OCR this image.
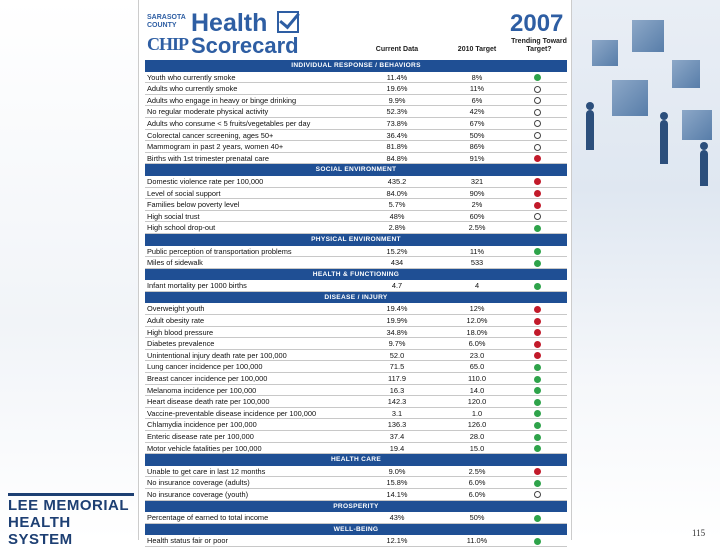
LEE MEMORIAL
HEALTH SYSTEM	115
SARASOTA
COUNTY
CHIP
Health
Scorecard
2007
Current Data	2010 Target
Trending Toward Target?
INDIVIDUAL RESPONSE / BEHAVIORS
Youth who currently smoke	11.4%	8%
Adults who currently smoke	19.6%	11%
Adults who engage in heavy or binge drinking	9.9%	6%
No regular moderate physical activity	52.3%	42%
Adults who consume < 5 fruits/vegetables per day	73.8%	67%
Colorectal cancer screening, ages 50+	36.4%	50%
Mammogram in past 2 years, women 40+	81.8%	86%
Births with 1st trimester prenatal care	84.8%	91%
SOCIAL ENVIRONMENT
Domestic violence rate per 100,000	435.2	321
Level of social support	84.0%	90%
Families below poverty level	5.7%	2%
High social trust	48%	60%
High school drop-out	2.8%	2.5%
PHYSICAL ENVIRONMENT
Public perception of transportation problems	15.2%	11%
Miles of sidewalk	434	533
HEALTH & FUNCTIONING
Infant mortality per 1000 births	4.7	4
DISEASE / INJURY
Overweight youth	19.4%	12%
Adult obesity rate	19.9%	12.0%
High blood pressure	34.8%	18.0%
Diabetes prevalence	9.7%	6.0%
Unintentional injury death rate per 100,000	52.0	23.0
Lung cancer incidence per 100,000	71.5	65.0
Breast cancer incidence per 100,000	117.9	110.0
Melanoma incidence per 100,000	16.3	14.0
Heart disease death rate per 100,000	142.3	120.0
Vaccine-preventable disease incidence per 100,000	3.1	1.0
Chlamydia incidence per 100,000	136.3	126.0
Enteric disease rate per 100,000	37.4	28.0
Motor vehicle fatalities per 100,000	19.4	15.0
HEALTH CARE
Unable to get care in last 12 months	9.0%	2.5%
No insurance coverage (adults)	15.8%	6.0%
No insurance coverage (youth)	14.1%	6.0%
PROSPERITY
Percentage of earned to total income	43%	50%
WELL-BEING
Health status fair or poor	12.1%	11.0%
